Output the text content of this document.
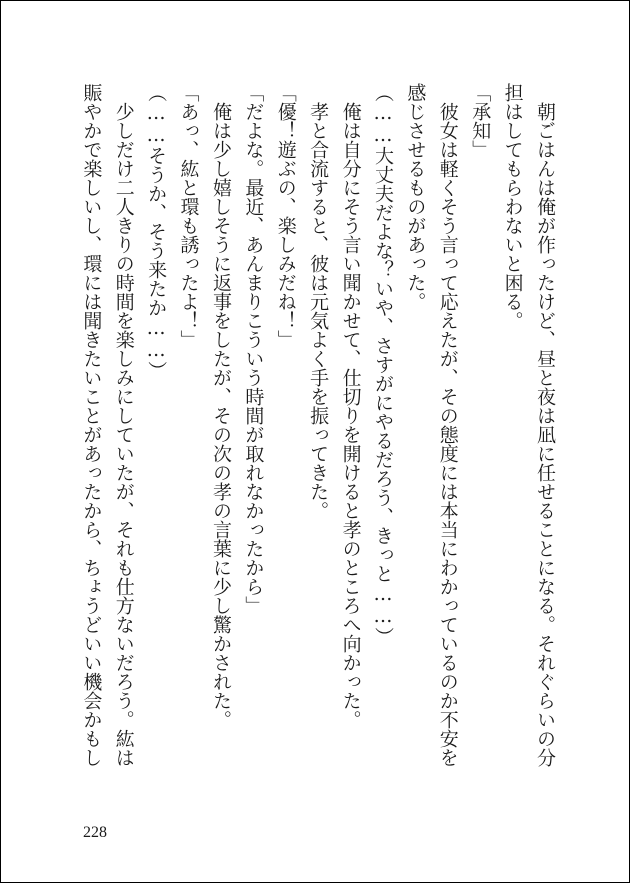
　朝ごはんは俺が作ったけど、昼と夜は凪に任せることになる。それぐらいの分
担はしてもらわないと困る。
「承知」
　彼女は軽くそう言って応えたが、その態度には本当にわかっているのか不安を
感じさせるものがあった。
（……大丈夫だよな？いや、さすがにやるだろう、きっと……）
　俺は自分にそう言い聞かせて、仕切りを開けると孝のところへ向かった。
　孝と合流すると、彼は元気よく手を振ってきた。
「優！遊ぶの、楽しみだね！」
「だよな。最近、あんまりこういう時間が取れなかったから」
　俺は少し嬉しそうに返事をしたが、その次の孝の言葉に少し驚かされた。
「あっ、紘と環も誘ったよ！」
（……そうか、そう来たか……）
　少しだけ二人きりの時間を楽しみにしていたが、それも仕方ないだろう。紘は
賑やかで楽しいし、環には聞きたいことがあったから、ちょうどいい機会かもし
228
